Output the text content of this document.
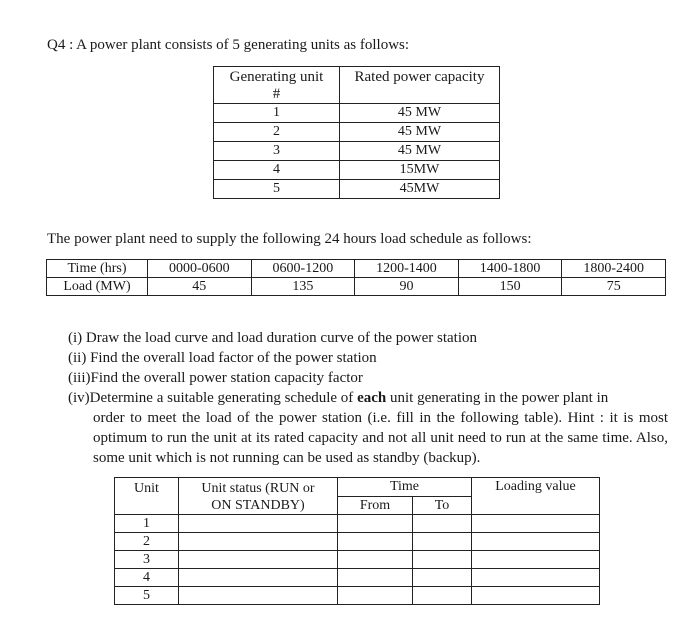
Q4 : A power plant consists of 5 generating units as follows:
Generating unit
#	Rated power capacity
1	45 MW
2	45 MW
3	45 MW
4	15MW
5	45MW
The power plant need to supply the following 24 hours load schedule as follows:
Time (hrs)	0000-0600	0600-1200	1200-1400	1400-1800	1800-2400
Load (MW)	45	135	90	150	75
(i) Draw the load curve and load duration curve of the power station
(ii) Find the overall load factor of the power station
(iii)Find the overall power station capacity factor
(iv)Determine a suitable generating schedule of each unit generating in the power plant in
order to meet the load of the power station (i.e. fill in the following table). Hint : it is most optimum to run the unit at its rated capacity and not all unit need to run at the same time. Also, some unit which is not running can be used as standby (backup).
Unit	Unit status (RUN or
ON STANDBY)	Time		Loading value
		From	To	
1				
2				
3				
4				
5				
